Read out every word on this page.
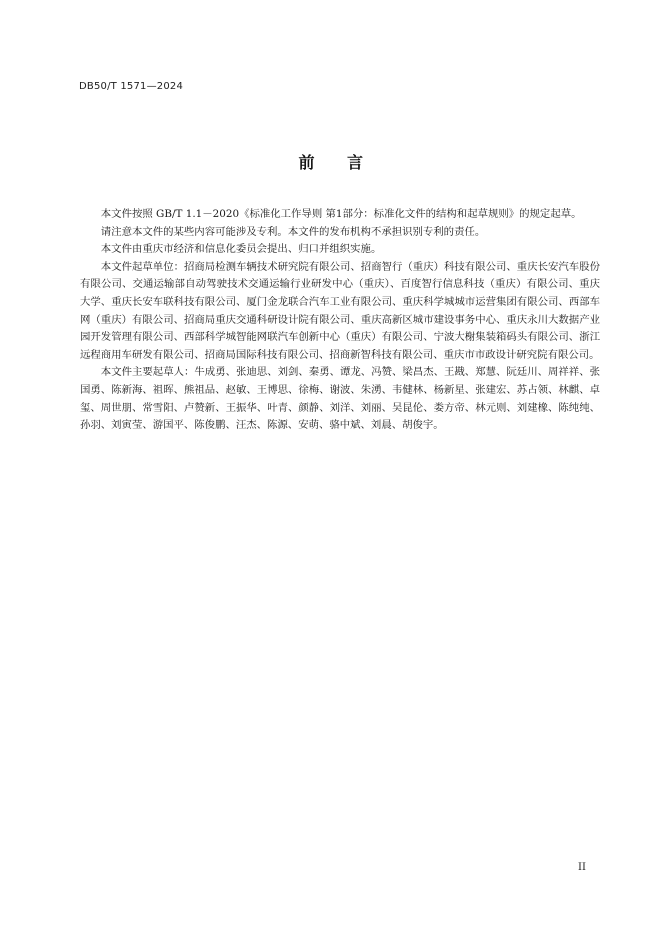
DB50/T 1571—2024
前 言

本文件按照 GB/T 1.1－2020《标准化工作导则 第1部分：标准化文件的结构和起草规则》的规定起草。

请注意本文件的某些内容可能涉及专利。本文件的发布机构不承担识别专利的责任。

本文件由重庆市经济和信息化委员会提出、归口并组织实施。

本文件起草单位：招商局检测车辆技术研究院有限公司、招商智行（重庆）科技有限公司、重庆长安汽车股份有限公司、交通运输部自动驾驶技术交通运输行业研发中心（重庆）、百度智行信息科技（重庆）有限公司、重庆大学、重庆长安车联科技有限公司、厦门金龙联合汽车工业有限公司、重庆科学城城市运营集团有限公司、西部车网（重庆）有限公司、招商局重庆交通科研设计院有限公司、重庆高新区城市建设事务中心、重庆永川大数据产业园开发管理有限公司、西部科学城智能网联汽车创新中心（重庆）有限公司、宁波大榭集装箱码头有限公司、浙江远程商用车研发有限公司、招商局国际科技有限公司、招商新智科技有限公司、重庆市市政设计研究院有限公司。

本文件主要起草人：牛成勇、张迪思、刘剑、秦勇、谭龙、冯赞、梁昌杰、王戡、郑慧、阮廷川、周祥祥、张国勇、陈新海、祖晖、熊祖品、赵敏、王博思、徐梅、谢波、朱湧、韦健林、杨新星、张建宏、苏占领、林麒、卓玺、周世朋、常雪阳、卢赞新、王振华、叶青、颜静、刘洋、刘丽、吴昆伦、娄方帝、林元则、刘建橡、陈纯纯、孙羽、刘寅莹、游国平、陈俊鹏、汪杰、陈源、安萌、骆中斌、刘晨、胡俊宇。

II
